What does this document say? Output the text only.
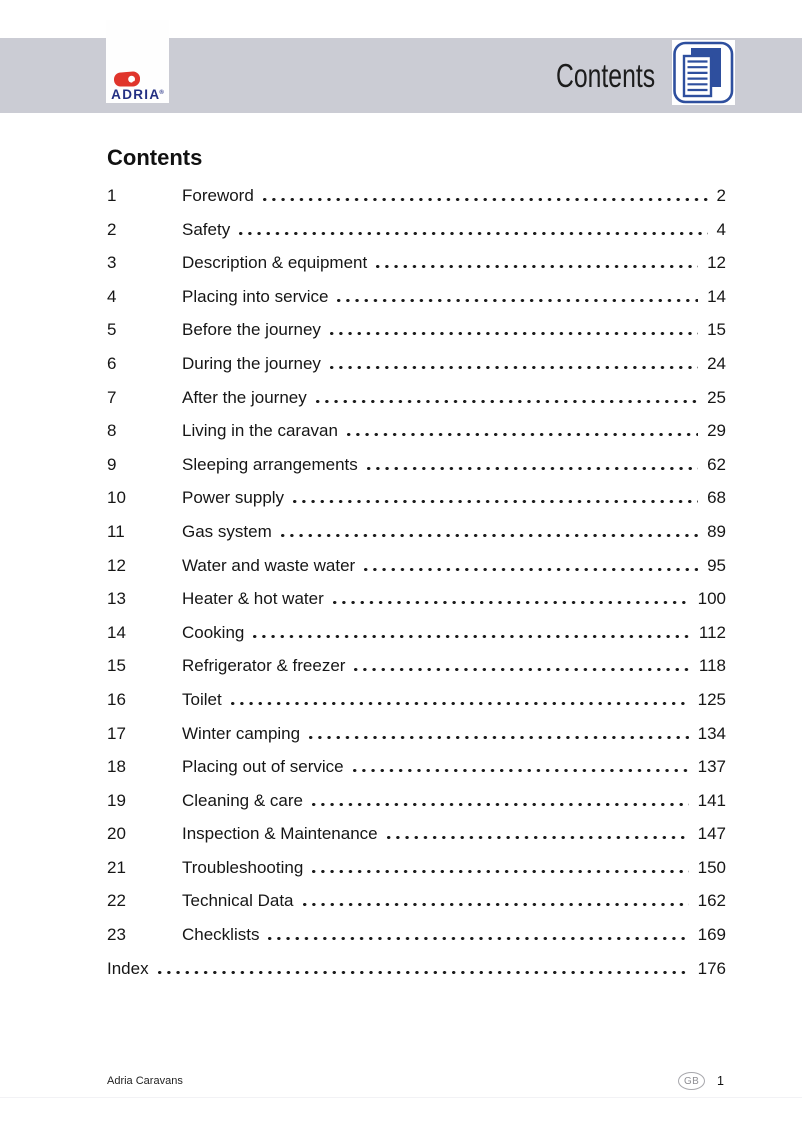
ADRIA®	Contents
Contents
1	Foreword	2
2	Safety	4
3	Description & equipment	12
4	Placing into service	14
5	Before the journey	15
6	During the journey	24
7	After the journey	25
8	Living in the caravan	29
9	Sleeping arrangements	62
10	Power supply	68
11	Gas system	89
12	Water and waste water	95
13	Heater & hot water	100
14	Cooking	112
15	Refrigerator & freezer	118
16	Toilet	125
17	Winter camping	134
18	Placing out of service	137
19	Cleaning & care	141
20	Inspection & Maintenance	147
21	Troubleshooting	150
22	Technical Data	162
23	Checklists	169
Index	176
Adria Caravans	GB	1
